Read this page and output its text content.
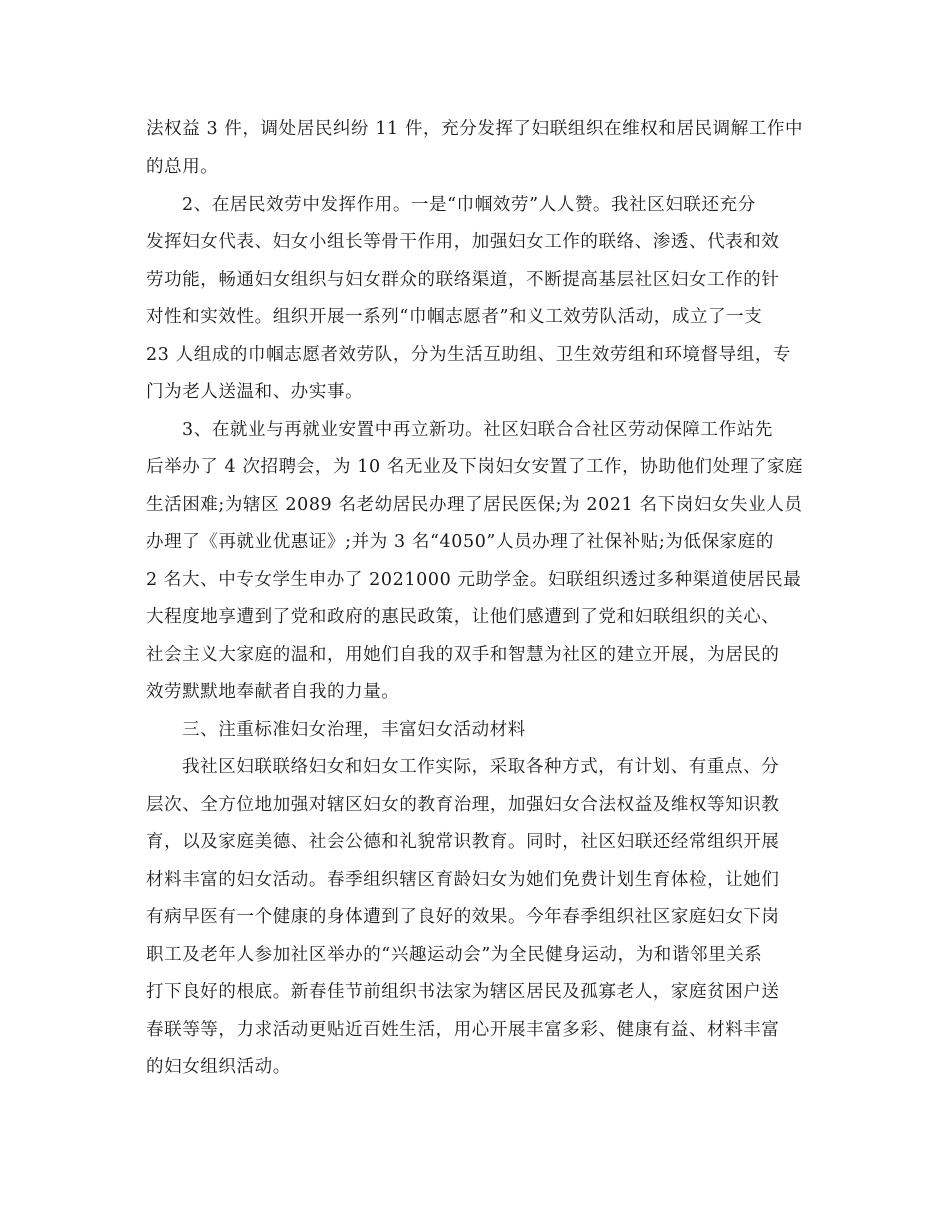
法权益 3 件，调处居民纠纷 11 件，充分发挥了妇联组织在维权和居民调解工作中

的总用。

2、在居民效劳中发挥作用。一是“巾帼效劳”人人赞。我社区妇联还充分

发挥妇女代表、妇女小组长等骨干作用，加强妇女工作的联络、渗透、代表和效

劳功能，畅通妇女组织与妇女群众的联络渠道，不断提高基层社区妇女工作的针

对性和实效性。组织开展一系列“巾帼志愿者”和义工效劳队活动，成立了一支

23 人组成的巾帼志愿者效劳队，分为生活互助组、卫生效劳组和环境督导组，专

门为老人送温和、办实事。

3、在就业与再就业安置中再立新功。社区妇联合合社区劳动保障工作站先

后举办了 4 次招聘会，为 10 名无业及下岗妇女安置了工作，协助他们处理了家庭

生活困难;为辖区 2089 名老幼居民办理了居民医保;为 2021 名下岗妇女失业人员

办理了《再就业优惠证》;并为 3 名“4050”人员办理了社保补贴;为低保家庭的

2 名大、中专女学生申办了 2021000 元助学金。妇联组织透过多种渠道使居民最

大程度地享遭到了党和政府的惠民政策，让他们感遭到了党和妇联组织的关心、

社会主义大家庭的温和，用她们自我的双手和智慧为社区的建立开展，为居民的

效劳默默地奉献者自我的力量。

三、注重标准妇女治理，丰富妇女活动材料

我社区妇联联络妇女和妇女工作实际，采取各种方式，有计划、有重点、分

层次、全方位地加强对辖区妇女的教育治理，加强妇女合法权益及维权等知识教

育，以及家庭美德、社会公德和礼貌常识教育。同时，社区妇联还经常组织开展

材料丰富的妇女活动。春季组织辖区育龄妇女为她们免费计划生育体检，让她们

有病早医有一个健康的身体遭到了良好的效果。今年春季组织社区家庭妇女下岗

职工及老年人参加社区举办的“兴趣运动会”为全民健身运动，为和谐邻里关系

打下良好的根底。新春佳节前组织书法家为辖区居民及孤寡老人，家庭贫困户送

春联等等，力求活动更贴近百姓生活，用心开展丰富多彩、健康有益、材料丰富

的妇女组织活动。
